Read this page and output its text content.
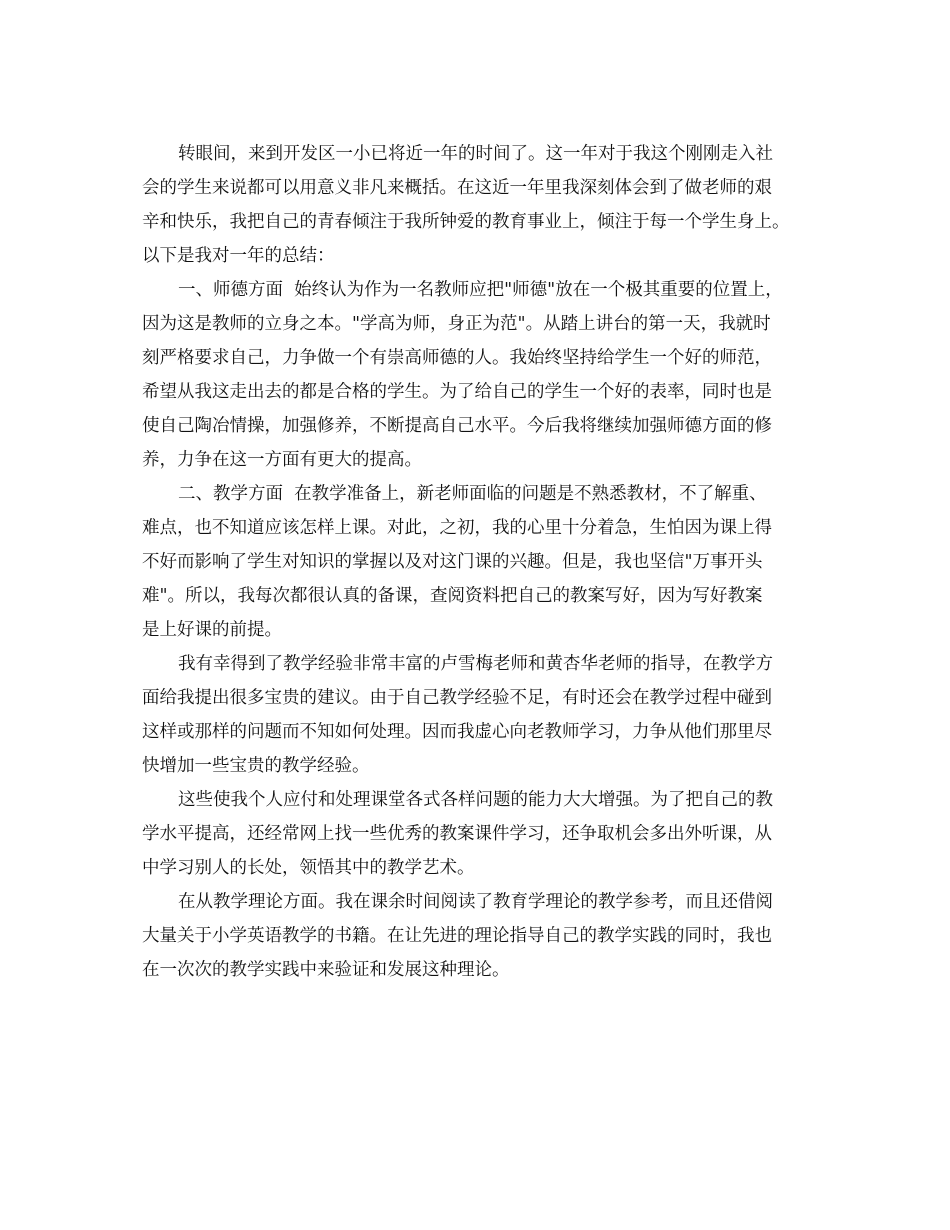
转眼间，来到开发区一小已将近一年的时间了。这一年对于我这个刚刚走入社

会的学生来说都可以用意义非凡来概括。在这近一年里我深刻体会到了做老师的艰

辛和快乐，我把自己的青春倾注于我所钟爱的教育事业上，倾注于每一个学生身上。

以下是我对一年的总结：

一、师德方面  始终认为作为一名教师应把"师德"放在一个极其重要的位置上，

因为这是教师的立身之本。"学高为师，身正为范"。从踏上讲台的第一天，我就时

刻严格要求自己，力争做一个有崇高师德的人。我始终坚持给学生一个好的师范，

希望从我这走出去的都是合格的学生。为了给自己的学生一个好的表率，同时也是

使自己陶冶情操，加强修养，不断提高自己水平。今后我将继续加强师德方面的修

养，力争在这一方面有更大的提高。

二、教学方面  在教学准备上，新老师面临的问题是不熟悉教材，不了解重、

难点，也不知道应该怎样上课。对此，之初，我的心里十分着急，生怕因为课上得

不好而影响了学生对知识的掌握以及对这门课的兴趣。但是，我也坚信"万事开头

难"。所以，我每次都很认真的备课，查阅资料把自己的教案写好，因为写好教案

是上好课的前提。

我有幸得到了教学经验非常丰富的卢雪梅老师和黄杏华老师的指导，在教学方

面给我提出很多宝贵的建议。由于自己教学经验不足，有时还会在教学过程中碰到

这样或那样的问题而不知如何处理。因而我虚心向老教师学习，力争从他们那里尽

快增加一些宝贵的教学经验。

这些使我个人应付和处理课堂各式各样问题的能力大大增强。为了把自己的教

学水平提高，还经常网上找一些优秀的教案课件学习，还争取机会多出外听课，从

中学习别人的长处，领悟其中的教学艺术。

在从教学理论方面。我在课余时间阅读了教育学理论的教学参考，而且还借阅

大量关于小学英语教学的书籍。在让先进的理论指导自己的教学实践的同时，我也

在一次次的教学实践中来验证和发展这种理论。
